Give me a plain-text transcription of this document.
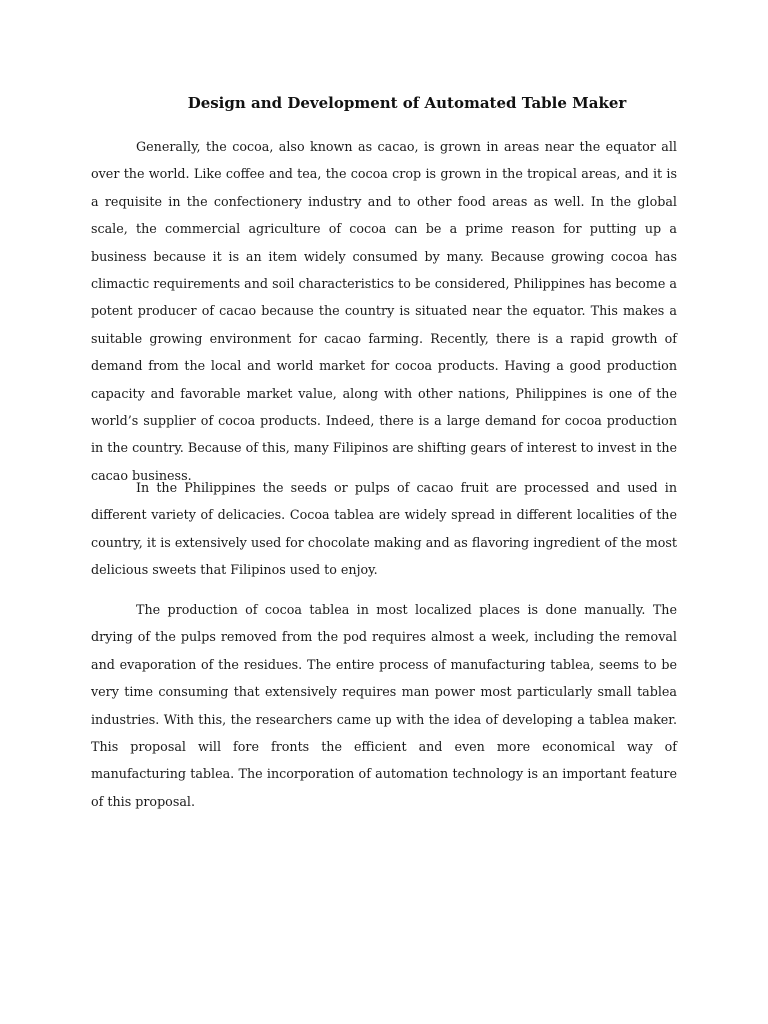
Design and Development of Automated Table Maker

Generally, the cocoa, also known as cacao, is grown in areas near the equator all over the world. Like coffee and tea, the cocoa crop is grown in the tropical areas, and it is a requisite in the confectionery industry and to other food areas as well. In the global scale, the commercial agriculture of cocoa can be a prime reason for putting up a business because it is an item widely consumed by many. Because growing cocoa has climactic requirements and soil characteristics to be considered, Philippines has become a potent producer of cacao because the country is situated near the equator. This makes a suitable growing environment for cacao farming. Recently, there is a rapid growth of demand from the local and world market for cocoa products. Having a good production capacity and favorable market value, along with other nations, Philippines is one of the world’s supplier of cocoa products. Indeed, there is a large demand for cocoa production in the country. Because of this, many Filipinos are shifting gears of interest to invest in the cacao business.

In the Philippines the seeds or pulps of cacao fruit are processed and used in different variety of delicacies. Cocoa tablea are widely spread in different localities of the country, it is extensively used for chocolate making and as flavoring ingredient of the most delicious sweets that Filipinos used to enjoy.

The production of cocoa tablea in most localized places is done manually. The drying of the pulps removed from the pod requires almost a week, including the removal and evaporation of the residues. The entire process of manufacturing tablea, seems to be very time consuming that extensively requires man power most particularly small tablea industries. With this, the researchers came up with the idea of developing a tablea maker. This proposal will fore fronts the efficient and even more economical way of manufacturing tablea. The incorporation of automation technology is an important feature of this proposal.
